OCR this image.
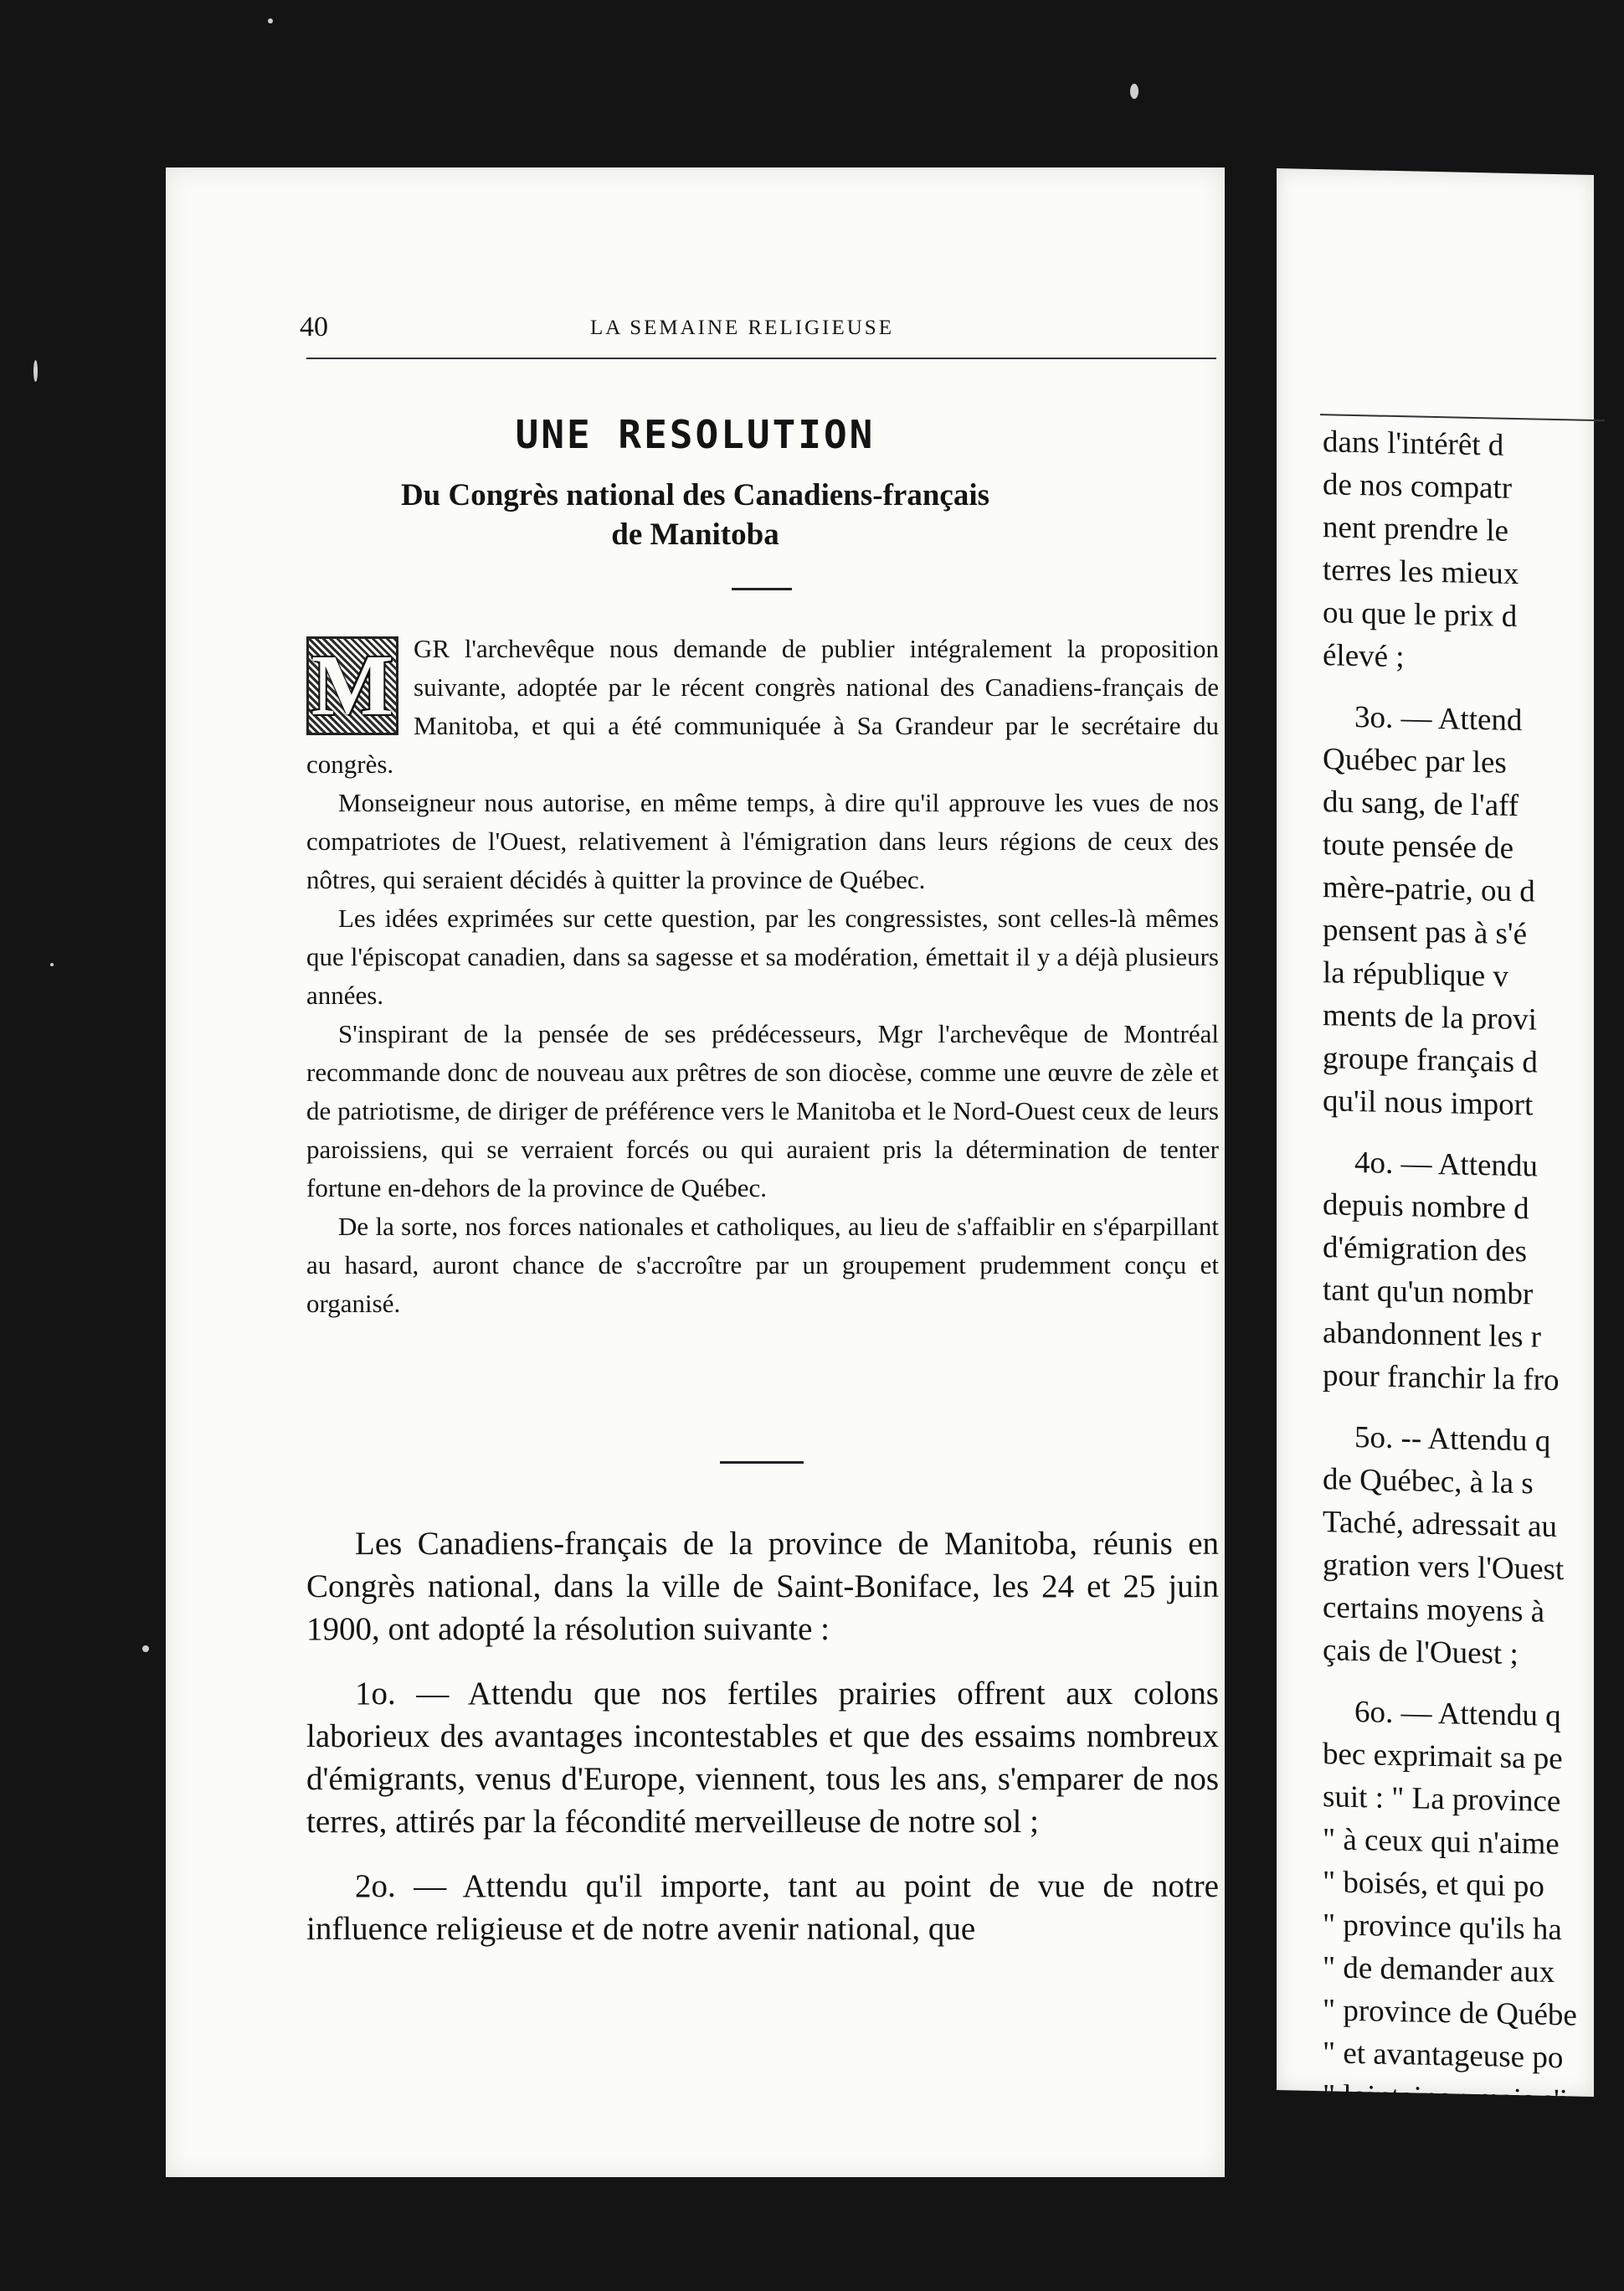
40	LA SEMAINE RELIGIEUSE
UNE RESOLUTION
Du Congrès national des Canadiens-français
de Manitoba

M GR l'archevêque nous demande de publier intégralement la proposition suivante, adoptée par le récent congrès national des Canadiens-français de Manitoba, et qui a été communiquée à Sa Grandeur par le secrétaire du congrès.

Monseigneur nous autorise, en même temps, à dire qu'il approuve les vues de nos compatriotes de l'Ouest, relativement à l'émigration dans leurs régions de ceux des nôtres, qui seraient décidés à quitter la province de Québec.

Les idées exprimées sur cette question, par les congressistes, sont celles-là mêmes que l'épiscopat canadien, dans sa sagesse et sa modération, émettait il y a déjà plusieurs années.

S'inspirant de la pensée de ses prédécesseurs, Mgr l'archevêque de Montréal recommande donc de nouveau aux prêtres de son diocèse, comme une œuvre de zèle et de patriotisme, de diriger de préférence vers le Manitoba et le Nord-Ouest ceux de leurs paroissiens, qui se verraient forcés ou qui auraient pris la détermination de tenter fortune en-dehors de la province de Québec.

De la sorte, nos forces nationales et catholiques, au lieu de s'affaiblir en s'éparpillant au hasard, auront chance de s'accroître par un groupement prudemment conçu et organisé.

Les Canadiens-français de la province de Manitoba, réunis en Congrès national, dans la ville de Saint-Boniface, les 24 et 25 juin 1900, ont adopté la résolution suivante :

1o. — Attendu que nos fertiles prairies offrent aux colons laborieux des avantages incontestables et que des essaims nombreux d'émigrants, venus d'Europe, viennent, tous les ans, s'emparer de nos terres, attirés par la fécondité merveilleuse de notre sol ;

2o. — Attendu qu'il importe, tant au point de vue de notre influence religieuse et de notre avenir national, que

dans l'intérêt d
de nos compatr
nent prendre le
terres les mieux
ou que le prix d
élevé ;
3o. — Attend
Québec par les
du sang, de l'aff
toute pensée de
mère-patrie, ou d
pensent pas à s'é
la république v
ments de la provi
groupe français d
qu'il nous import
4o. — Attendu
depuis nombre d
d'émigration des
tant qu'un nombr
abandonnent les r
pour franchir la fro
5o. -- Attendu q
de Québec, à la s
Taché, adressait au
gration vers l'Ouest
certains moyens à
çais de l'Ouest ;
6o. — Attendu q
bec exprimait sa pe
suit : " La province
" à ceux qui n'aime
" boisés, et qui po
" province qu'ils ha
" de demander aux
" province de Québe
" et avantageuse po
" lointaine ; mais s'i
" ment et auxquels
" labeurs des bûcher
